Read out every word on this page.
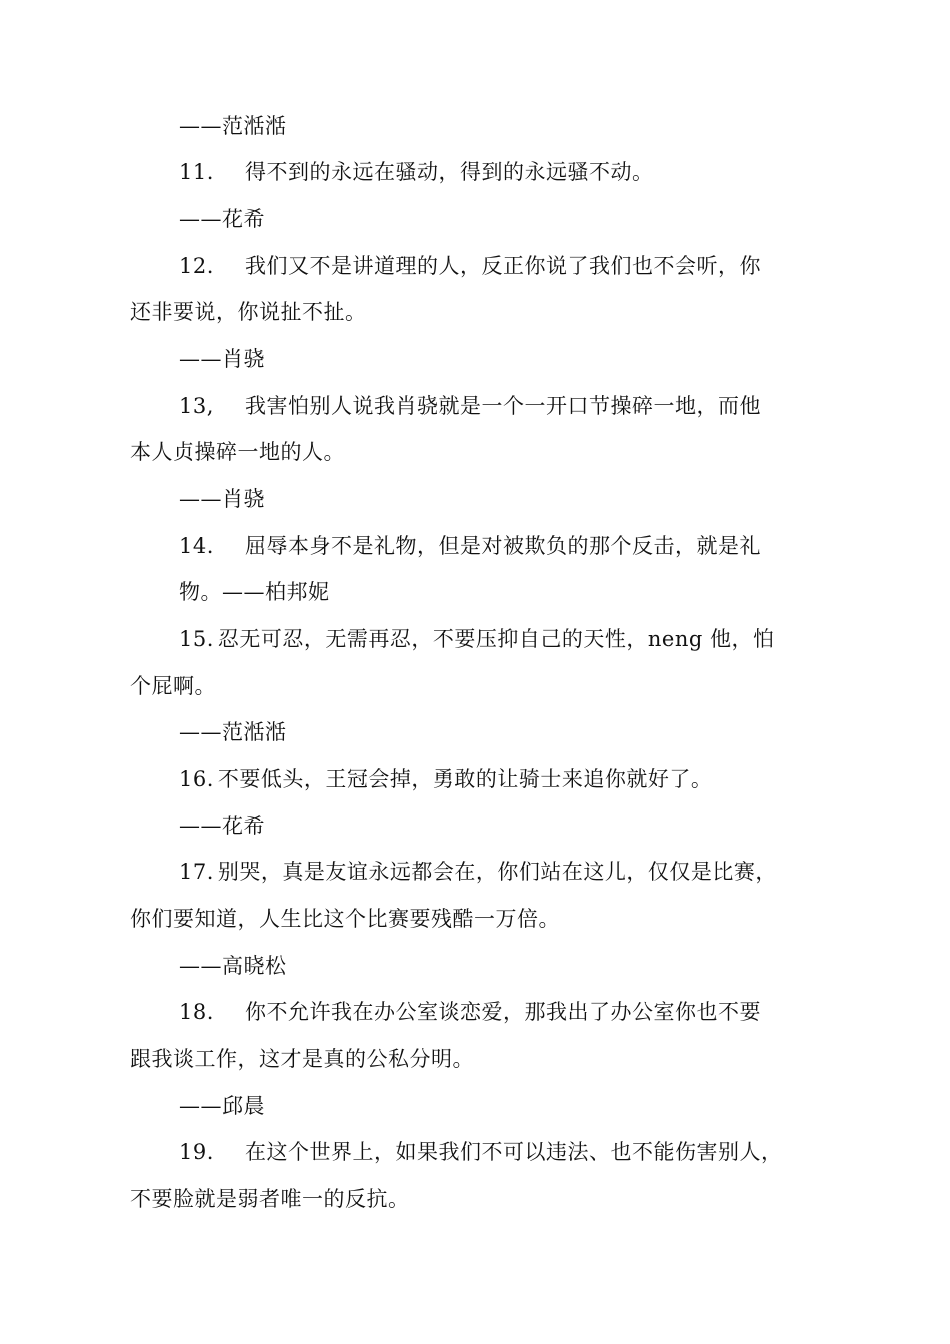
——范湉湉
11. 得不到的永远在骚动，得到的永远骚不动。
——花希
12. 我们又不是讲道理的人，反正你说了我们也不会听，你
还非要说，你说扯不扯。
——肖骁
13, 我害怕别人说我肖骁就是一个一开口节操碎一地，而他
本人贞操碎一地的人。
——肖骁
14. 屈辱本身不是礼物，但是对被欺负的那个反击，就是礼
物。——柏邦妮
15. 忍无可忍，无需再忍，不要压抑自己的天性，neng 他，怕
个屁啊。
——范湉湉
16. 不要低头，王冠会掉，勇敢的让骑士来追你就好了。
——花希
17. 别哭，真是友谊永远都会在，你们站在这儿，仅仅是比赛，
你们要知道，人生比这个比赛要残酷一万倍。
——高晓松
18. 你不允许我在办公室谈恋爱，那我出了办公室你也不要
跟我谈工作，这才是真的公私分明。
——邱晨
19. 在这个世界上，如果我们不可以违法、也不能伤害别人，
不要脸就是弱者唯一的反抗。
